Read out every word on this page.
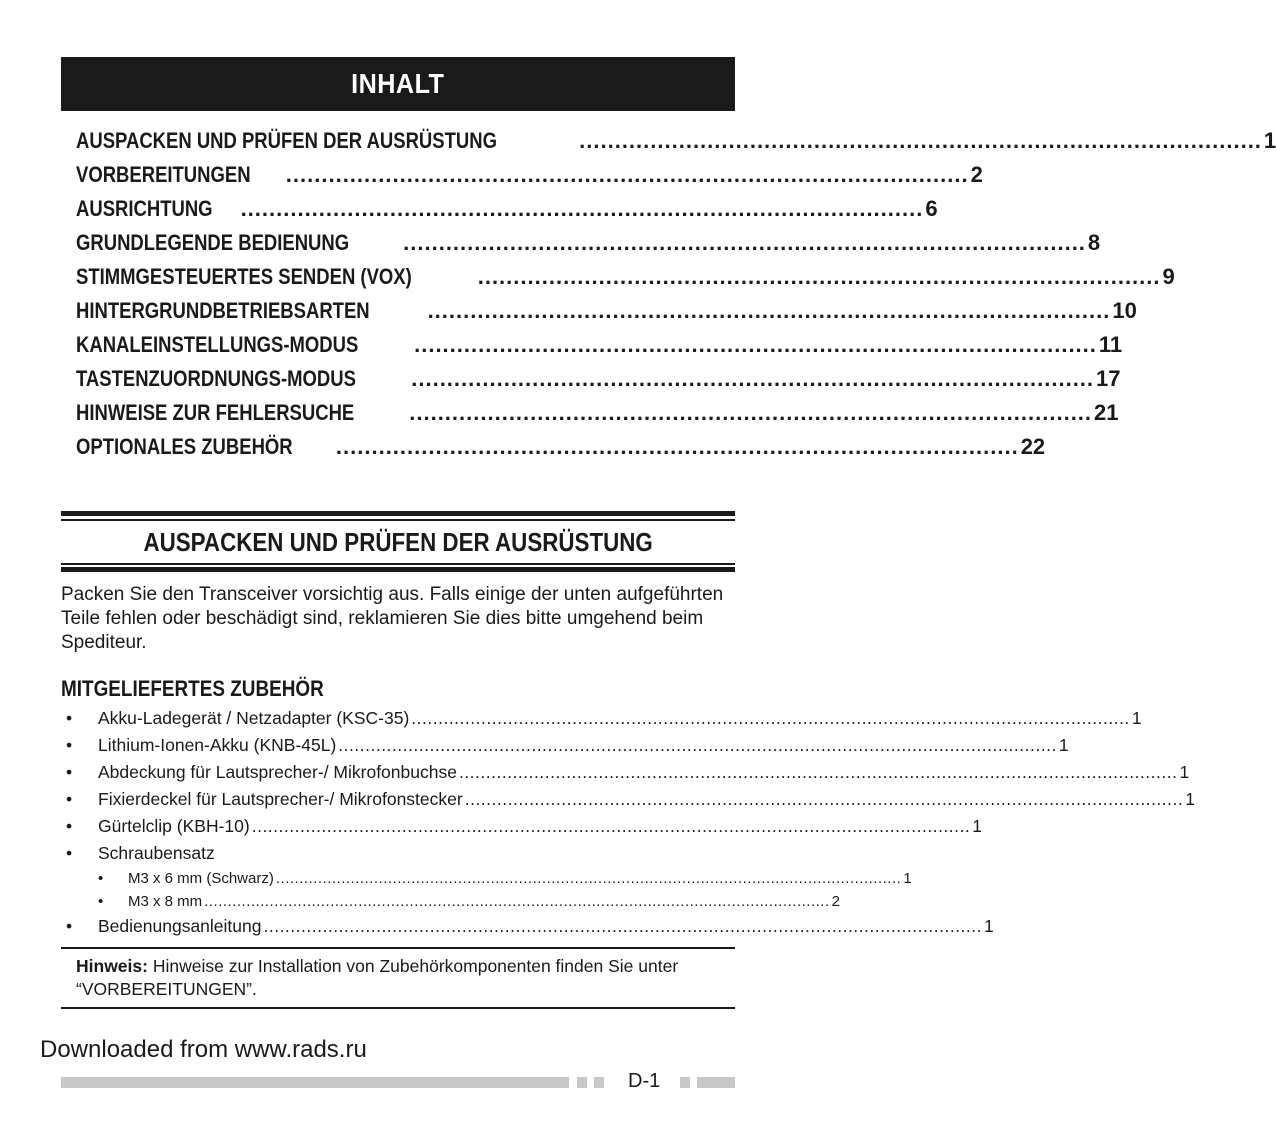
INHALT
AUSPACKEN UND PRÜFEN DER AUSRÜSTUNG	................................................................................................ 1
VORBEREITUNGEN	................................................................................................ 2
AUSRICHTUNG	................................................................................................ 6
GRUNDLEGENDE BEDIENUNG	................................................................................................ 8
STIMMGESTEUERTES SENDEN (VOX)	................................................................................................ 9
HINTERGRUNDBETRIEBSARTEN	................................................................................................ 10
KANALEINSTELLUNGS-MODUS	................................................................................................ 11
TASTENZUORDNUNGS-MODUS	................................................................................................ 17
HINWEISE ZUR FEHLERSUCHE	................................................................................................ 21
OPTIONALES ZUBEHÖR	................................................................................................ 22
AUSPACKEN UND PRÜFEN DER AUSRÜSTUNG
Packen Sie den Transceiver vorsichtig aus. Falls einige der unten aufgeführten Teile fehlen oder beschädigt sind, reklamieren Sie dies bitte umgehend beim Spediteur.
MITGELIEFERTES ZUBEHÖR
•	Akku-Ladegerät / Netzadapter (KSC-35) ...................................................................................................................................... 1
•	Lithium-Ionen-Akku (KNB-45L) ...................................................................................................................................... 1
•	Abdeckung für Lautsprecher-/ Mikrofonbuchse ...................................................................................................................................... 1
•	Fixierdeckel für Lautsprecher-/ Mikrofonstecker ...................................................................................................................................... 1
•	Gürtelclip (KBH-10) ...................................................................................................................................... 1
•	Schraubensatz
•	M3 x 6 mm (Schwarz) ...................................................................................................................................... 1
•	M3 x 8 mm ...................................................................................................................................... 2
•	Bedienungsanleitung ...................................................................................................................................... 1
Hinweis: Hinweise zur Installation von Zubehörkomponenten finden Sie unter “VORBEREITUNGEN”.
Downloaded from www.rads.ru
D-1
